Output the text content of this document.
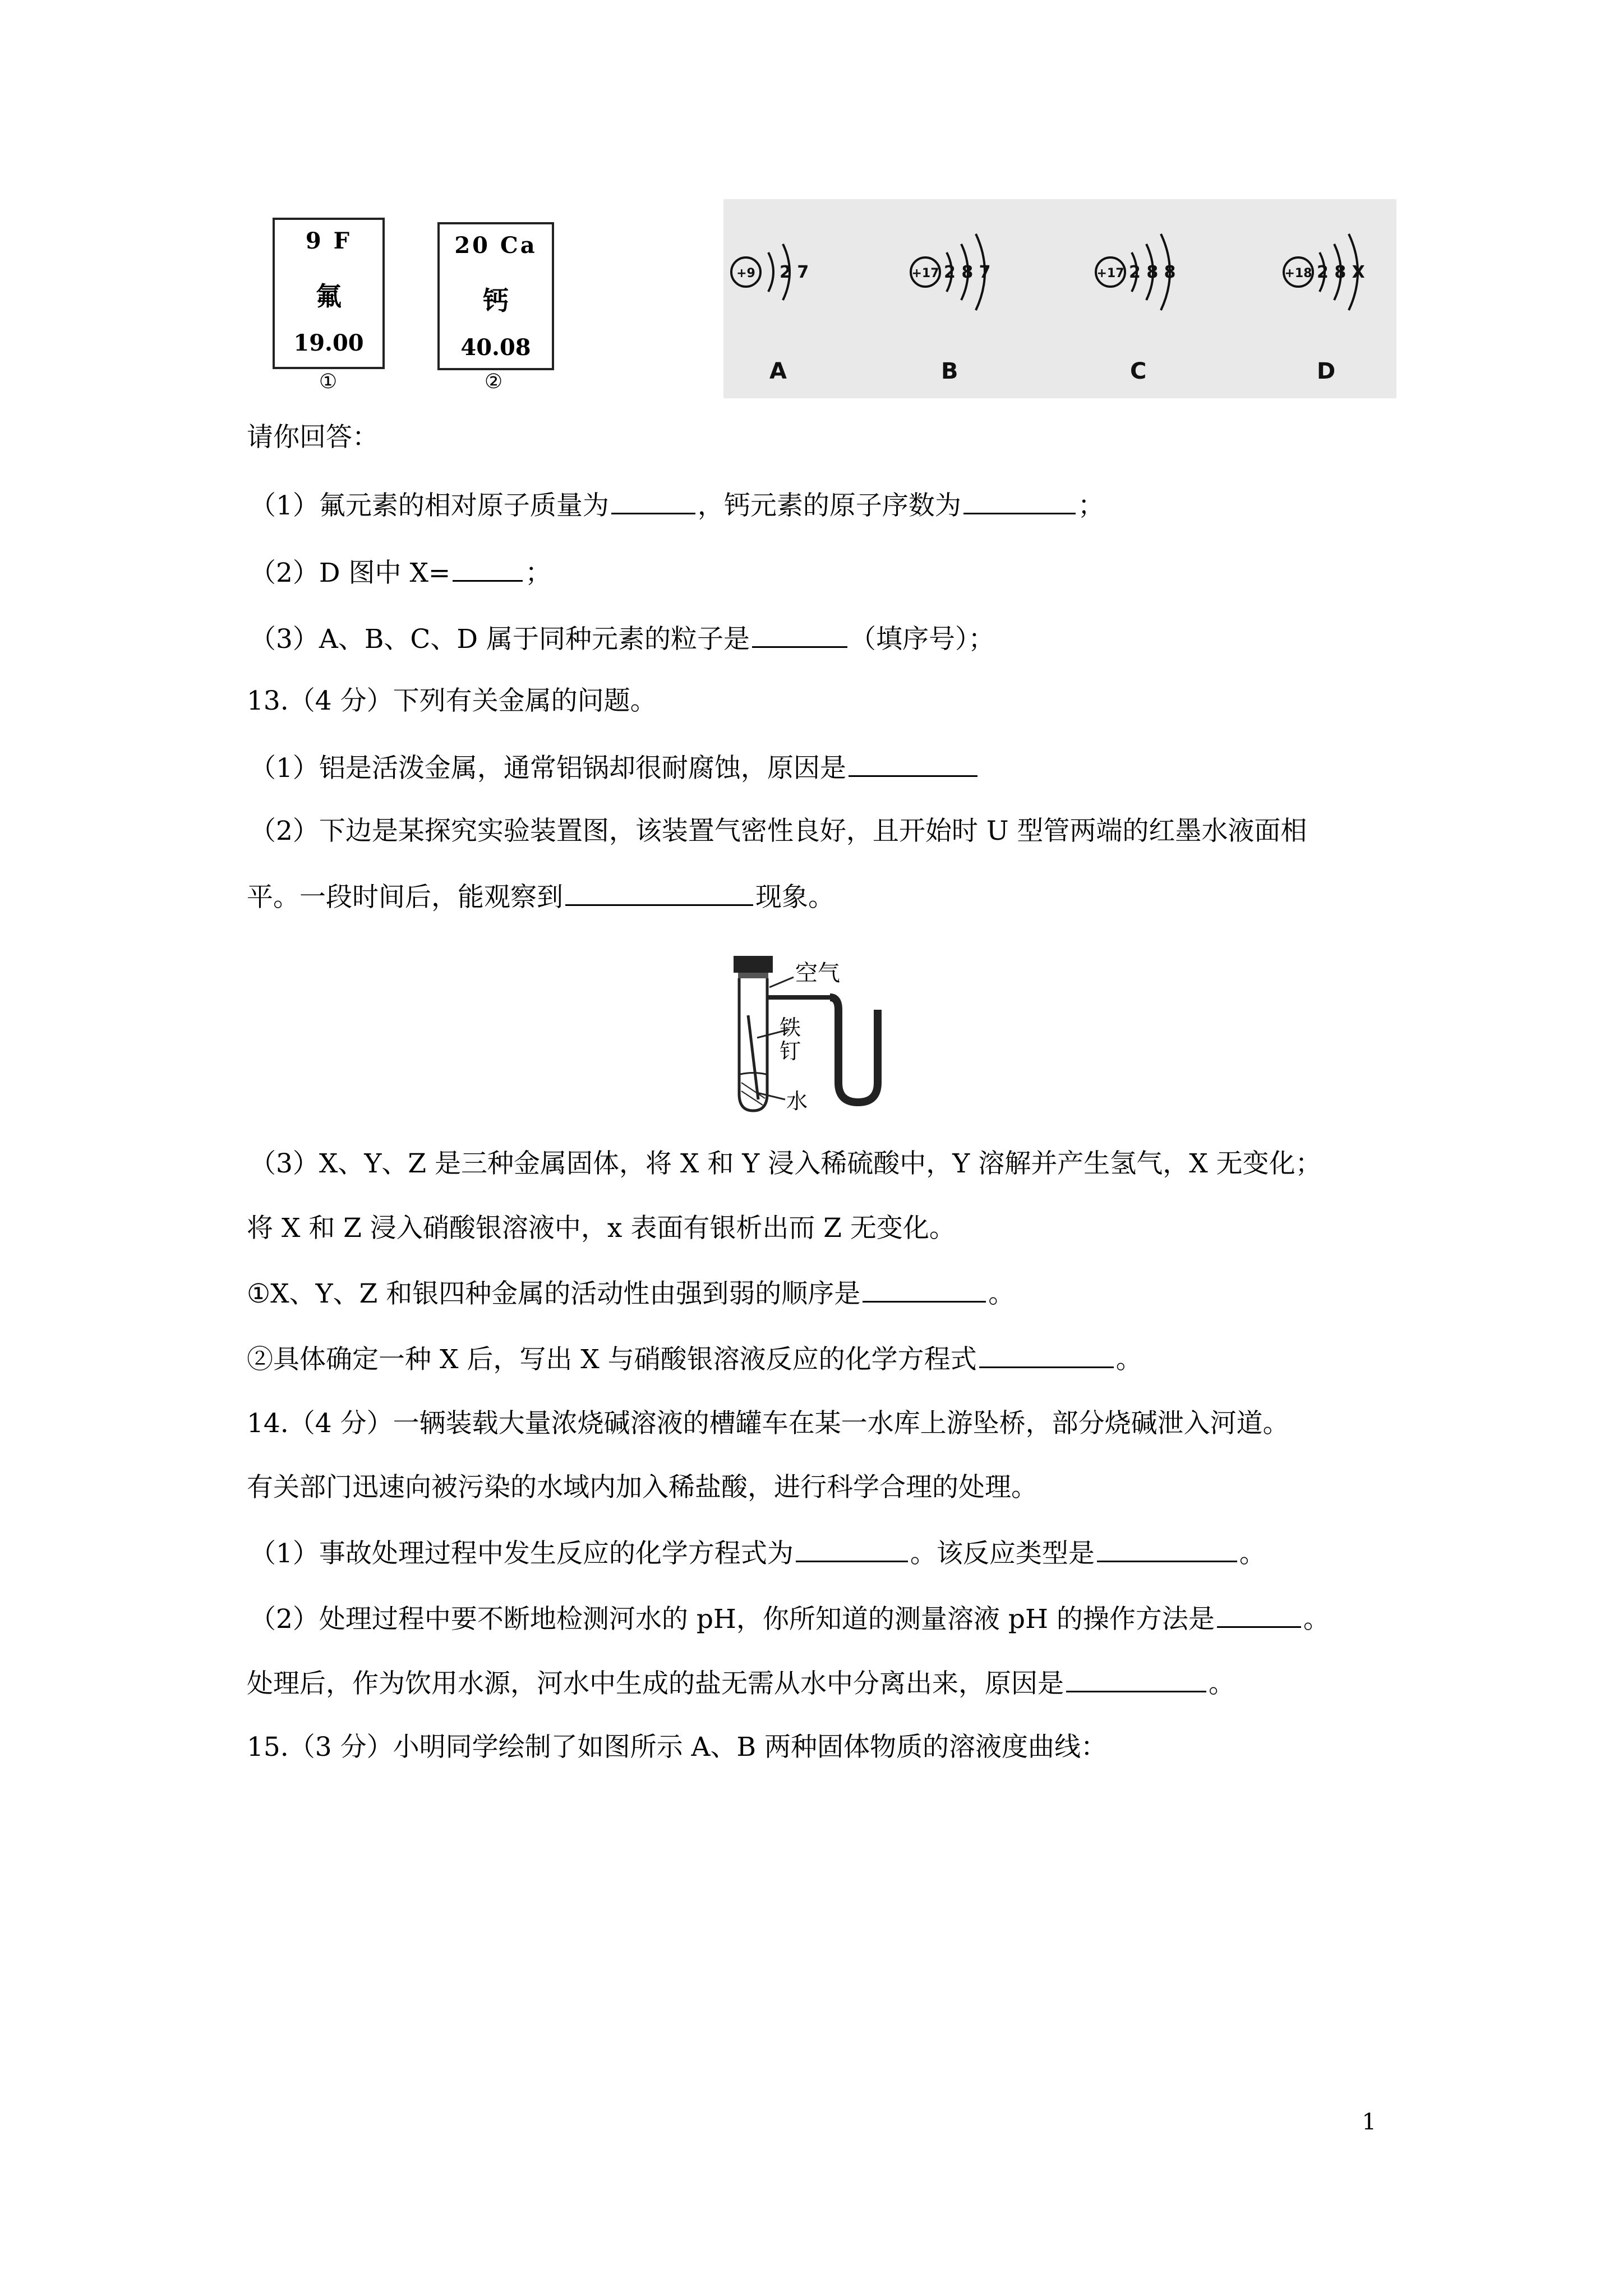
9 F
氟
19.00
①
20 Ca
钙
40.08
②
+9 2 7
A
+17 2 8 7
B
+17 2 8 8
C
+18 2 8 X
D
请你回答：
（1）氟元素的相对原子质量为	，钙元素的原子序数为	；
（2）D 图中 X=	；
（3）A、B、C、D 属于同种元素的粒子是	（填序号）；
13.（4 分）下列有关金属的问题。
（1）铝是活泼金属，通常铝锅却很耐腐蚀，原因是
（2）下边是某探究实验装置图，该装置气密性良好，且开始时 U 型管两端的红墨水液面相
平。一段时间后，能观察到	现象。
空气
铁钉
水
（3）X、Y、Z 是三种金属固体，将 X 和 Y 浸入稀硫酸中，Y 溶解并产生氢气，X 无变化；
将 X 和 Z 浸入硝酸银溶液中，x 表面有银析出而 Z 无变化。
①X、Y、Z 和银四种金属的活动性由强到弱的顺序是	。
②具体确定一种 X 后，写出 X 与硝酸银溶液反应的化学方程式	。
14.（4 分）一辆装载大量浓烧碱溶液的槽罐车在某一水库上游坠桥，部分烧碱泄入河道。
有关部门迅速向被污染的水域内加入稀盐酸，进行科学合理的处理。
（1）事故处理过程中发生反应的化学方程式为	。该反应类型是	。
（2）处理过程中要不断地检测河水的 pH，你所知道的测量溶液 pH 的操作方法是	。
处理后，作为饮用水源，河水中生成的盐无需从水中分离出来，原因是	。
15.（3 分）小明同学绘制了如图所示 A、B 两种固体物质的溶液度曲线：
1
